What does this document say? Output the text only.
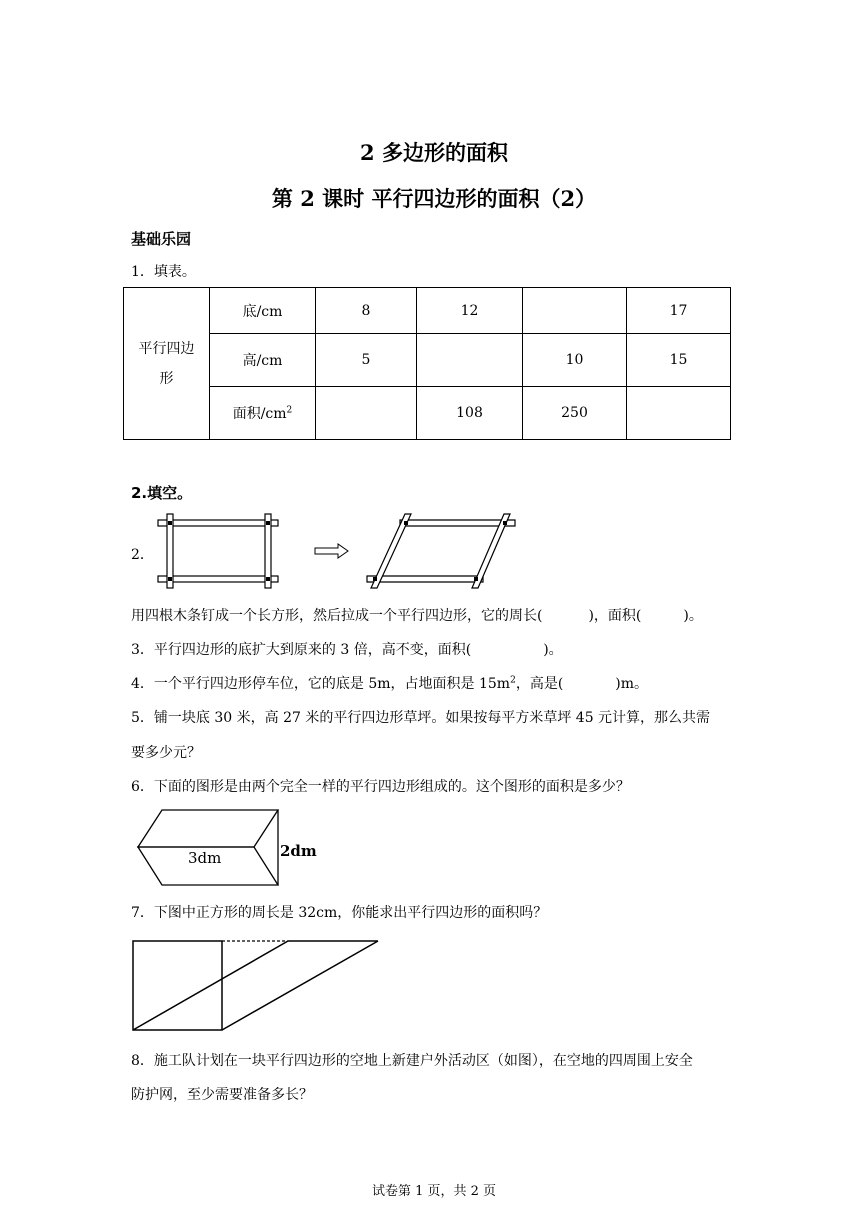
2 多边形的面积
第 2 课时 平行四边形的面积（2）
基础乐园
1．填表。
平行四边形	底/cm	8	12		17
	高/cm	5		10	15
	面积$/cm^2$		108	250	
2.填空。
2．
用四根木条钉成一个长方形，然后拉成一个平行四边形，它的周长(	)，面积(	)。
3．平行四边形的底扩大到原来的 3 倍，高不变，面积(	)。
4．一个平行四边形停车位，它的底是 5m，占地面积是 $15m^2$，高是(	)m。
5．铺一块底 30 米，高 27 米的平行四边形草坪。如果按每平方米草坪 45 元计算，那么共需
要多少元？
6．下面的图形是由两个完全一样的平行四边形组成的。这个图形的面积是多少？
3dm	2dm
7．下图中正方形的周长是 32cm，你能求出平行四边形的面积吗？
8．施工队计划在一块平行四边形的空地上新建户外活动区（如图），在空地的四周围上安全
防护网，至少需要准备多长？
试卷第 1 页，共 2 页
